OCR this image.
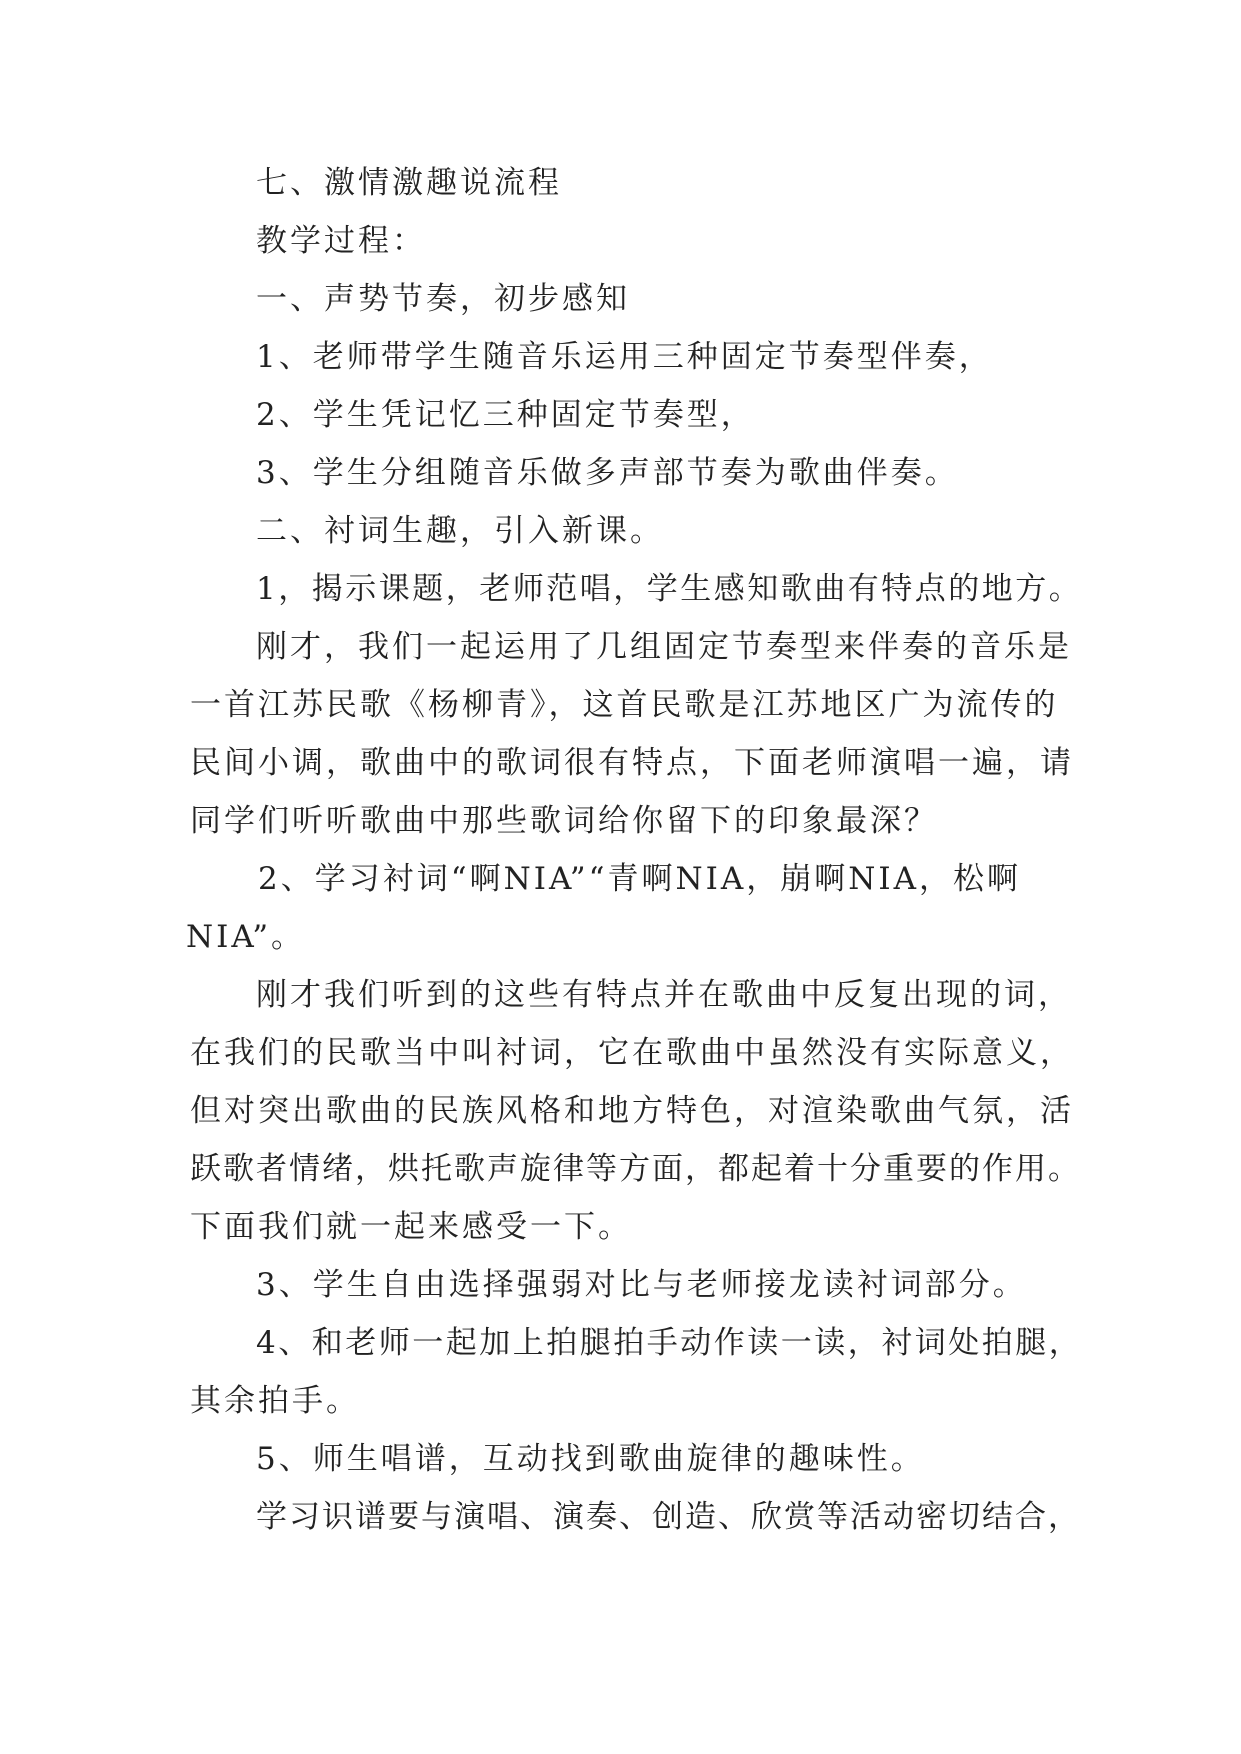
七、激情激趣说流程

教学过程：

一、声势节奏，初步感知

1、老师带学生随音乐运用三种固定节奏型伴奏，

2、学生凭记忆三种固定节奏型，

3、学生分组随音乐做多声部节奏为歌曲伴奏。

二、衬词生趣，引入新课。

1，揭示课题，老师范唱，学生感知歌曲有特点的地方。

刚才，我们一起运用了几组固定节奏型来伴奏的音乐是

一首江苏民歌《杨柳青》，这首民歌是江苏地区广为流传的

民间小调，歌曲中的歌词很有特点，下面老师演唱一遍，请

同学们听听歌曲中那些歌词给你留下的印象最深？

2、学习衬词“啊NIA”“青啊NIA，崩啊NIA，松啊

NIA”。

刚才我们听到的这些有特点并在歌曲中反复出现的词，

在我们的民歌当中叫衬词，它在歌曲中虽然没有实际意义，

但对突出歌曲的民族风格和地方特色，对渲染歌曲气氛，活

跃歌者情绪，烘托歌声旋律等方面，都起着十分重要的作用。

下面我们就一起来感受一下。

3、学生自由选择强弱对比与老师接龙读衬词部分。

4、和老师一起加上拍腿拍手动作读一读，衬词处拍腿，

其余拍手。

5、师生唱谱，互动找到歌曲旋律的趣味性。

学习识谱要与演唱、演奏、创造、欣赏等活动密切结合，
